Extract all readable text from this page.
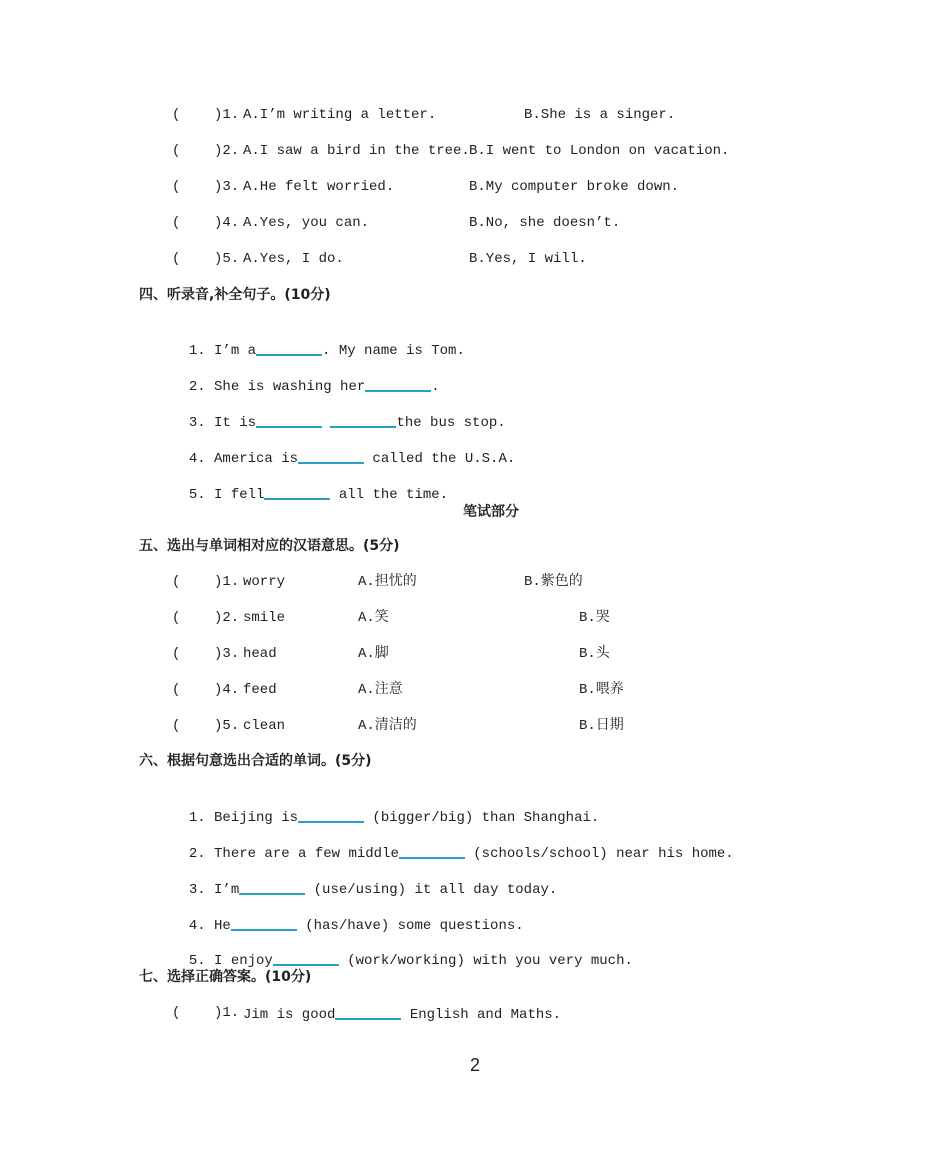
(    )1.

A.I’m writing a letter.

	B.She is a singer.

(    )2.

A.I saw a bird in the tree.

B.I went to London on vacation.

(    )3.

A.He felt worried.

	B.My computer broke down.

(    )4.

A.Yes, you can.

	B.No, she doesn’t.

(    )5.

A.Yes, I do.

	B.Yes, I will.

四、听录音,补全句子。(10分)

1. I’m a	. My name is Tom.

2. She is washing her	.

3. It is	the bus stop.

4. America is	called the U.S.A.

5. I fell	all the time.

笔试部分
五、选出与单词相对应的汉语意思。(5分)

(    )1.

worry

	A.担忧的

	B.紫色的

(    )2.

smile

	A.笑

	B.哭

(    )3.

head

	A.脚

	B.头

(    )4.

feed

	A.注意

	B.喂养

(    )5.

clean

	A.清洁的

	B.日期

六、根据句意选出合适的单词。(5分)

1. Beijing is	(bigger/big) than Shanghai.

2. There are a few middle	(schools/school) near his home.

3. I’m	(use/using) it all day today.

4. He	(has/have) some questions.

5. I enjoy	(work/working) with you very much.

七、选择正确答案。(10分)

(    )1.

Jim is good	English and Maths.

2
